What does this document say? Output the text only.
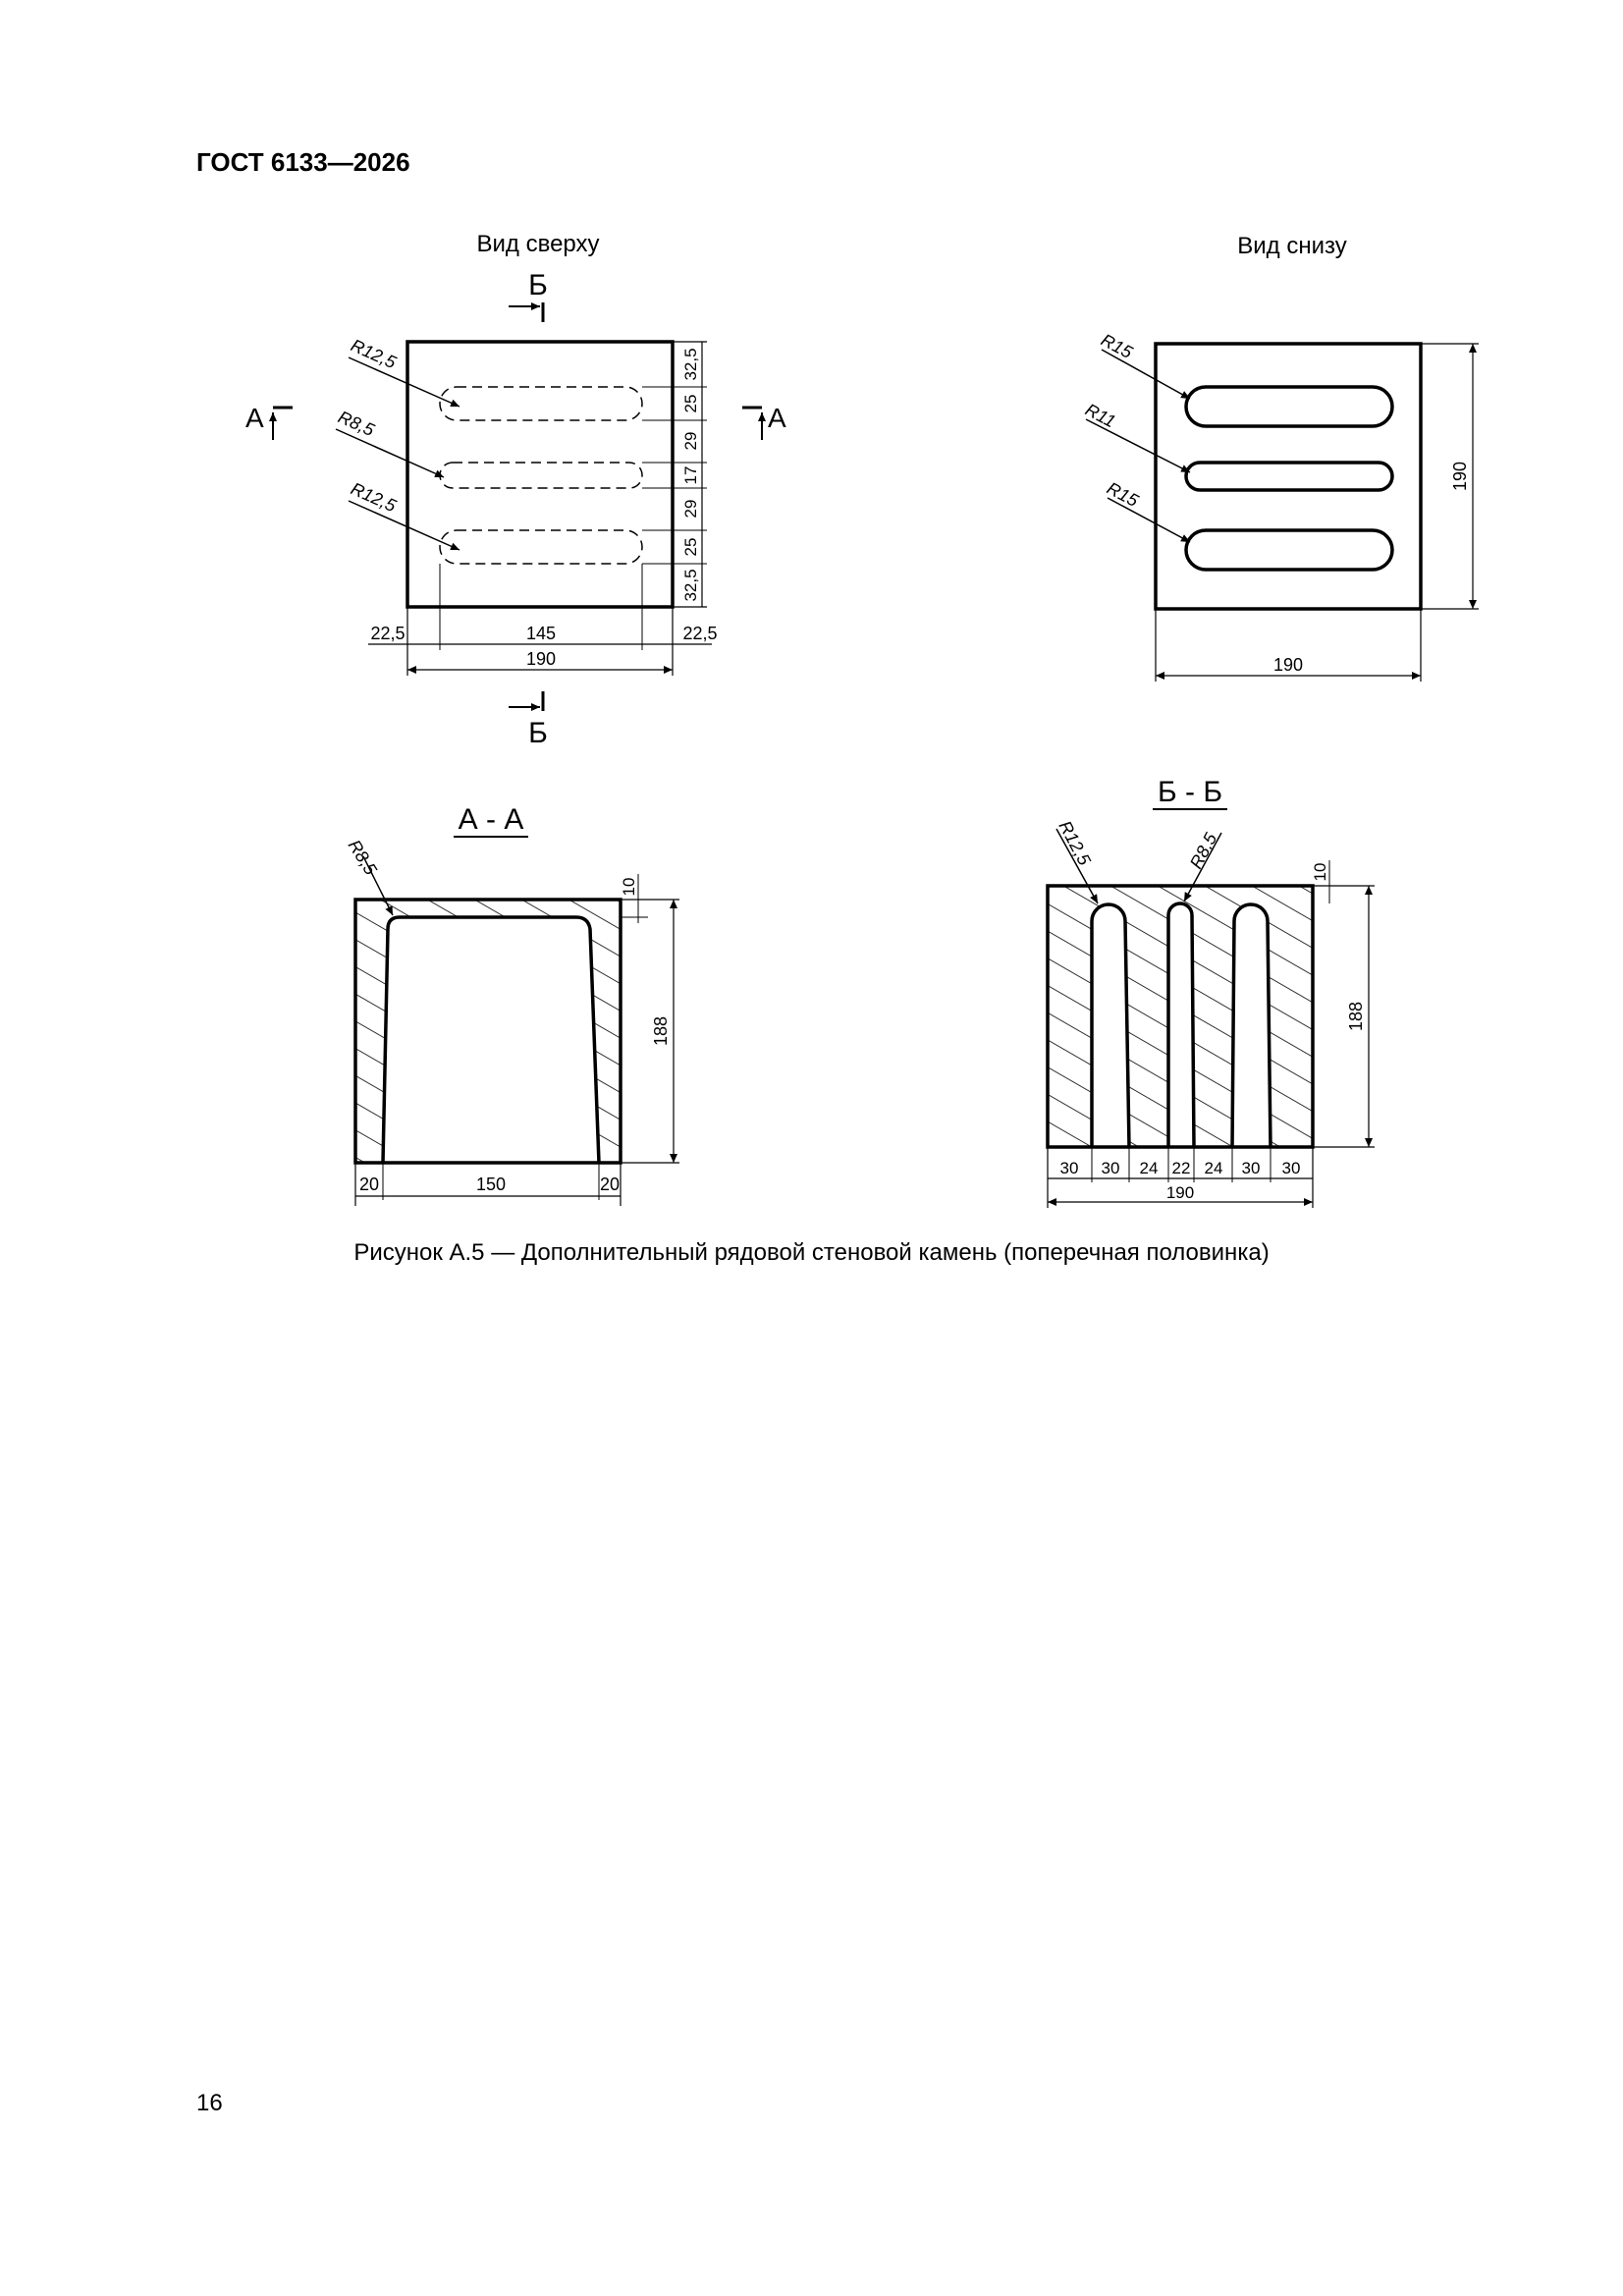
ГОСТ 6133—2026
Вид сверху
Б
R12,5
R8,5
R12,5
А	А
32,5
25
29
17
29
25
32,5
22,5	145	22,5
190
Б
Вид снизу
R15
R11
R15
190
190
А - А
R8,5
10
188
20	150	20
Б - Б
R12,5	R8,5
10
188
30 30 24 22 24 30 30
190
Рисунок А.5 — Дополнительный рядовой стеновой камень (поперечная половинка)
16
